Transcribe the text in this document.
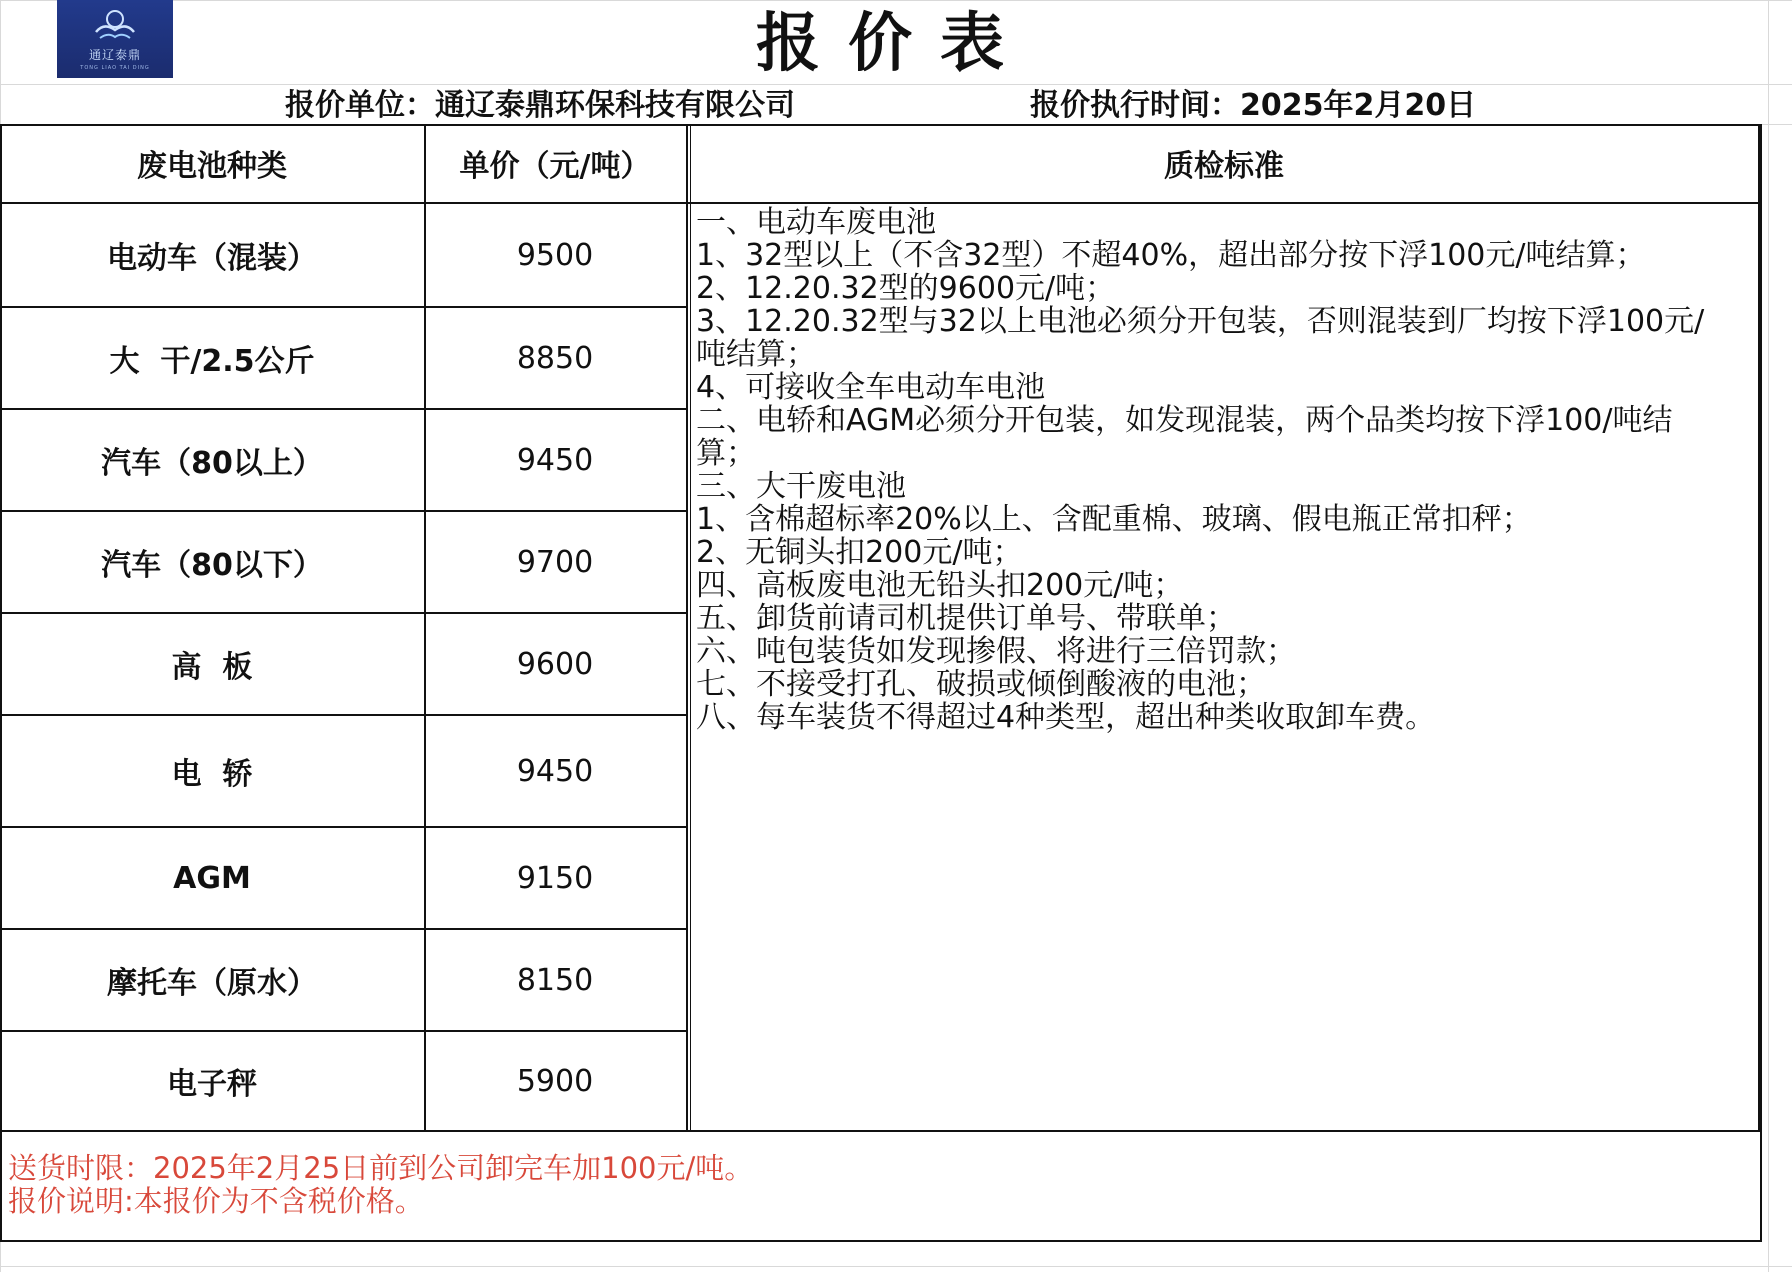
通辽泰鼎
TONG LIAO TAI DING	报价表
报价单位：通辽泰鼎环保科技有限公司	报价执行时间：2025年2月20日
废电池种类	单价（元/吨）	质检标准
电动车（混装）	9500
大  干/2.5公斤	8850
汽车（80以上）	9450
汽车（80以下）	9700
高  板	9600
电  轿	9450
AGM	9150
摩托车（原水）	8150
电子秤	5900
一、电动车废电池
1、32型以上（不含32型）不超40%，超出部分按下浮100元/吨结算；
2、12.20.32型的9600元/吨；
3、12.20.32型与32以上电池必须分开包装，否则混装到厂均按下浮100元/
吨结算；
4、可接收全车电动车电池
二、电轿和AGM必须分开包装，如发现混装，两个品类均按下浮100/吨结
算；
三、大干废电池
1、含棉超标率20%以上、含配重棉、玻璃、假电瓶正常扣秤；
2、无铜头扣200元/吨；
四、高板废电池无铅头扣200元/吨；
五、卸货前请司机提供订单号、带联单；
六、吨包装货如发现掺假、将进行三倍罚款；
七、不接受打孔、破损或倾倒酸液的电池；
八、每车装货不得超过4种类型，超出种类收取卸车费。
送货时限：2025年2月25日前到公司卸完车加100元/吨。
报价说明:本报价为不含税价格。
